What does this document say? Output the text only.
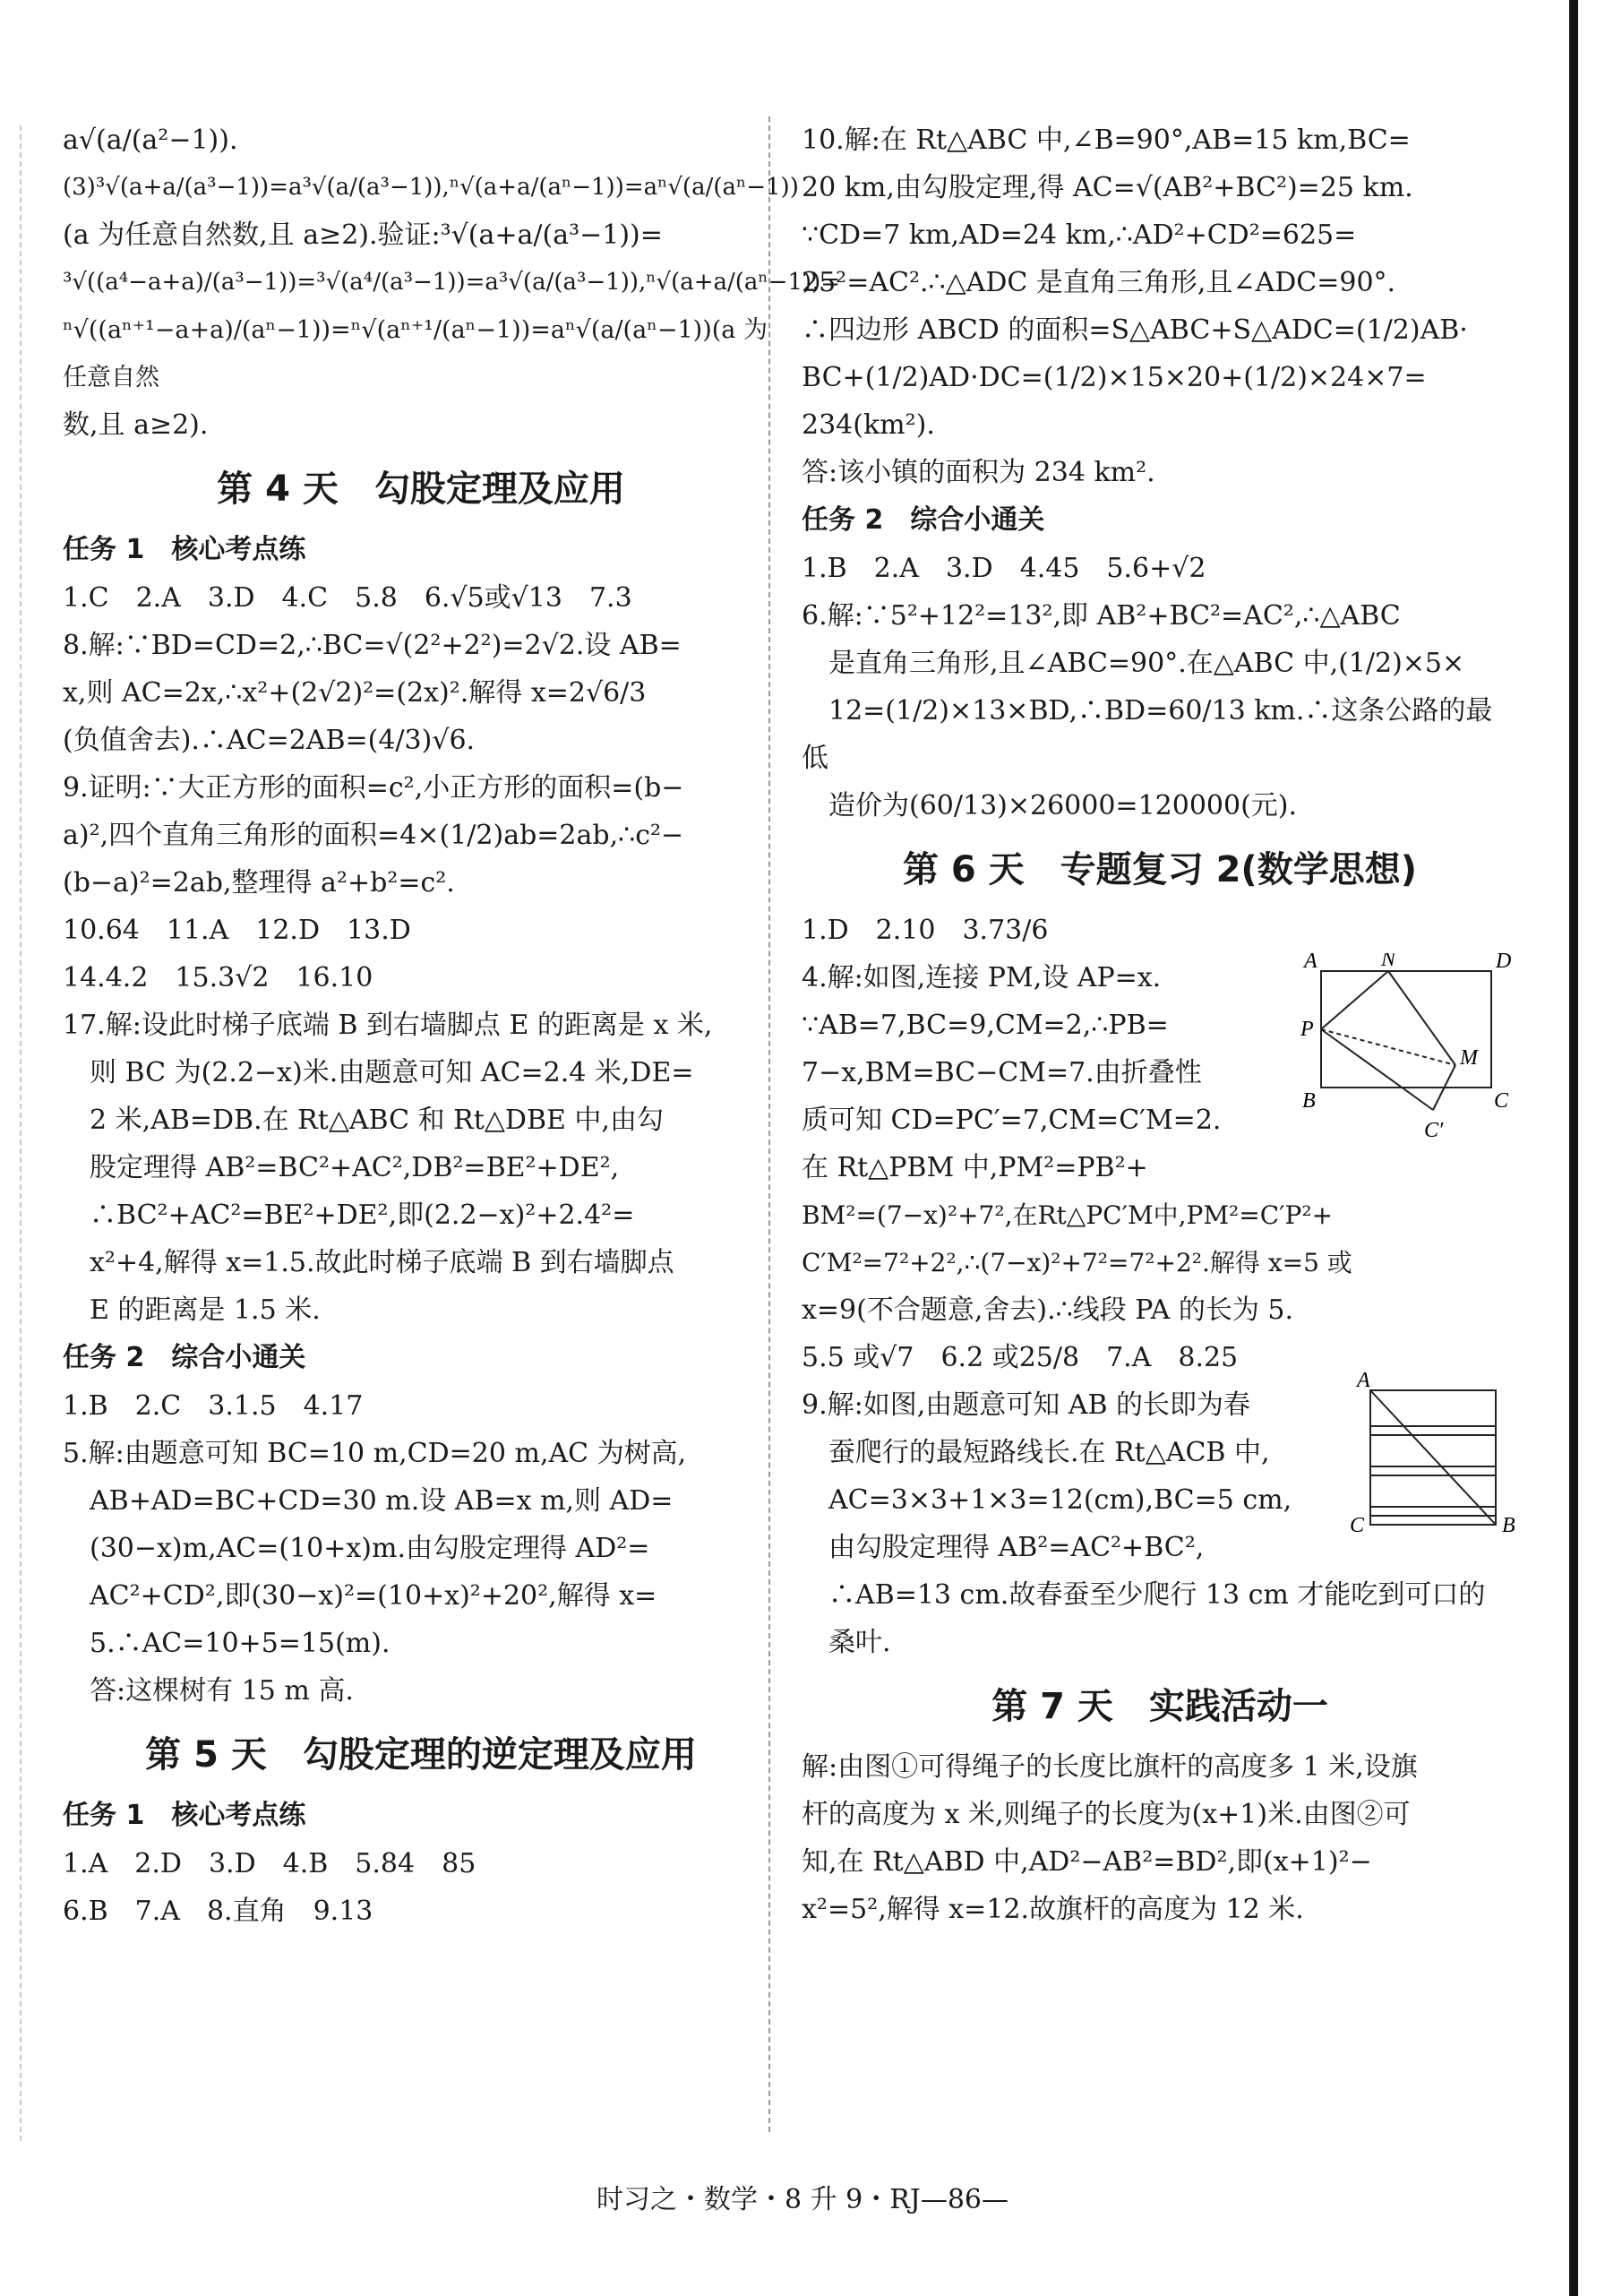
a√(a/(a²−1)).

(3)³√(a+a/(a³−1))=a³√(a/(a³−1)),ⁿ√(a+a/(aⁿ−1))=aⁿ√(a/(aⁿ−1))

(a 为任意自然数,且 a≥2).验证:³√(a+a/(a³−1))=

³√((a⁴−a+a)/(a³−1))=³√(a⁴/(a³−1))=a³√(a/(a³−1)),ⁿ√(a+a/(aⁿ−1))=

ⁿ√((aⁿ⁺¹−a+a)/(aⁿ−1))=ⁿ√(aⁿ⁺¹/(aⁿ−1))=aⁿ√(a/(aⁿ−1))(a 为任意自然

数,且 a≥2).

第 4 天　勾股定理及应用

任务 1　核心考点练

1.C　2.A　3.D　4.C　5.8　6.√5或√13　7.3

8.解:∵BD=CD=2,∴BC=√(2²+2²)=2√2.设 AB=

x,则 AC=2x,∴x²+(2√2)²=(2x)².解得 x=2√6/3

(负值舍去).∴AC=2AB=(4/3)√6.

9.证明:∵大正方形的面积=c²,小正方形的面积=(b−

a)²,四个直角三角形的面积=4×(1/2)ab=2ab,∴c²−

(b−a)²=2ab,整理得 a²+b²=c².

10.64　11.A　12.D　13.D

14.4.2　15.3√2　16.10

17.解:设此时梯子底端 B 到右墙脚点 E 的距离是 x 米,

　则 BC 为(2.2−x)米.由题意可知 AC=2.4 米,DE=

　2 米,AB=DB.在 Rt△ABC 和 Rt△DBE 中,由勾

　股定理得 AB²=BC²+AC²,DB²=BE²+DE²,

　∴BC²+AC²=BE²+DE²,即(2.2−x)²+2.4²=

　x²+4,解得 x=1.5.故此时梯子底端 B 到右墙脚点

　E 的距离是 1.5 米.

任务 2　综合小通关

1.B　2.C　3.1.5　4.17

5.解:由题意可知 BC=10 m,CD=20 m,AC 为树高,

　AB+AD=BC+CD=30 m.设 AB=x m,则 AD=

　(30−x)m,AC=(10+x)m.由勾股定理得 AD²=

　AC²+CD²,即(30−x)²=(10+x)²+20²,解得 x=

　5.∴AC=10+5=15(m).

　答:这棵树有 15 m 高.

第 5 天　勾股定理的逆定理及应用

任务 1　核心考点练

1.A　2.D　3.D　4.B　5.84　85

6.B　7.A　8.直角　9.13

10.解:在 Rt△ABC 中,∠B=90°,AB=15 km,BC=

20 km,由勾股定理,得 AC=√(AB²+BC²)=25 km.

∵CD=7 km,AD=24 km,∴AD²+CD²=625=

25²=AC².∴△ADC 是直角三角形,且∠ADC=90°.

∴四边形 ABCD 的面积=S△ABC+S△ADC=(1/2)AB·

BC+(1/2)AD·DC=(1/2)×15×20+(1/2)×24×7=

234(km²).

答:该小镇的面积为 234 km².

任务 2　综合小通关

1.B　2.A　3.D　4.45　5.6+√2

6.解:∵5²+12²=13²,即 AB²+BC²=AC²,∴△ABC

　是直角三角形,且∠ABC=90°.在△ABC 中,(1/2)×5×

　12=(1/2)×13×BD,∴BD=60/13 km.∴这条公路的最低

　造价为(60/13)×26000=120000(元).

第 6 天　专题复习 2(数学思想)

1.D　2.10　3.73/6

4.解:如图,连接 PM,设 AP=x.

∵AB=7,BC=9,CM=2,∴PB=

7−x,BM=BC−CM=7.由折叠性

质可知 CD=PC′=7,CM=C′M=2.

在 Rt△PBM 中,PM²=PB²+

BM²=(7−x)²+7²,在Rt△PC′M中,PM²=C′P²+

C′M²=7²+2²,∴(7−x)²+7²=7²+2².解得 x=5 或

x=9(不合题意,舍去).∴线段 PA 的长为 5.

5.5 或√7　6.2 或25/8　7.A　8.25

9.解:如图,由题意可知 AB 的长即为春

　蚕爬行的最短路线长.在 Rt△ACB 中,

　AC=3×3+1×3=12(cm),BC=5 cm,

　由勾股定理得 AB²=AC²+BC²,

　∴AB=13 cm.故春蚕至少爬行 13 cm 才能吃到可口的

　桑叶.

A	N	D
P
M
B	C
C′
A
C	B
第 7 天　实践活动一

解:由图①可得绳子的长度比旗杆的高度多 1 米,设旗

杆的高度为 x 米,则绳子的长度为(x+1)米.由图②可

知,在 Rt△ABD 中,AD²−AB²=BD²,即(x+1)²−

x²=5²,解得 x=12.故旗杆的高度为 12 米.

时习之・数学・8 升 9・RJ—86—
